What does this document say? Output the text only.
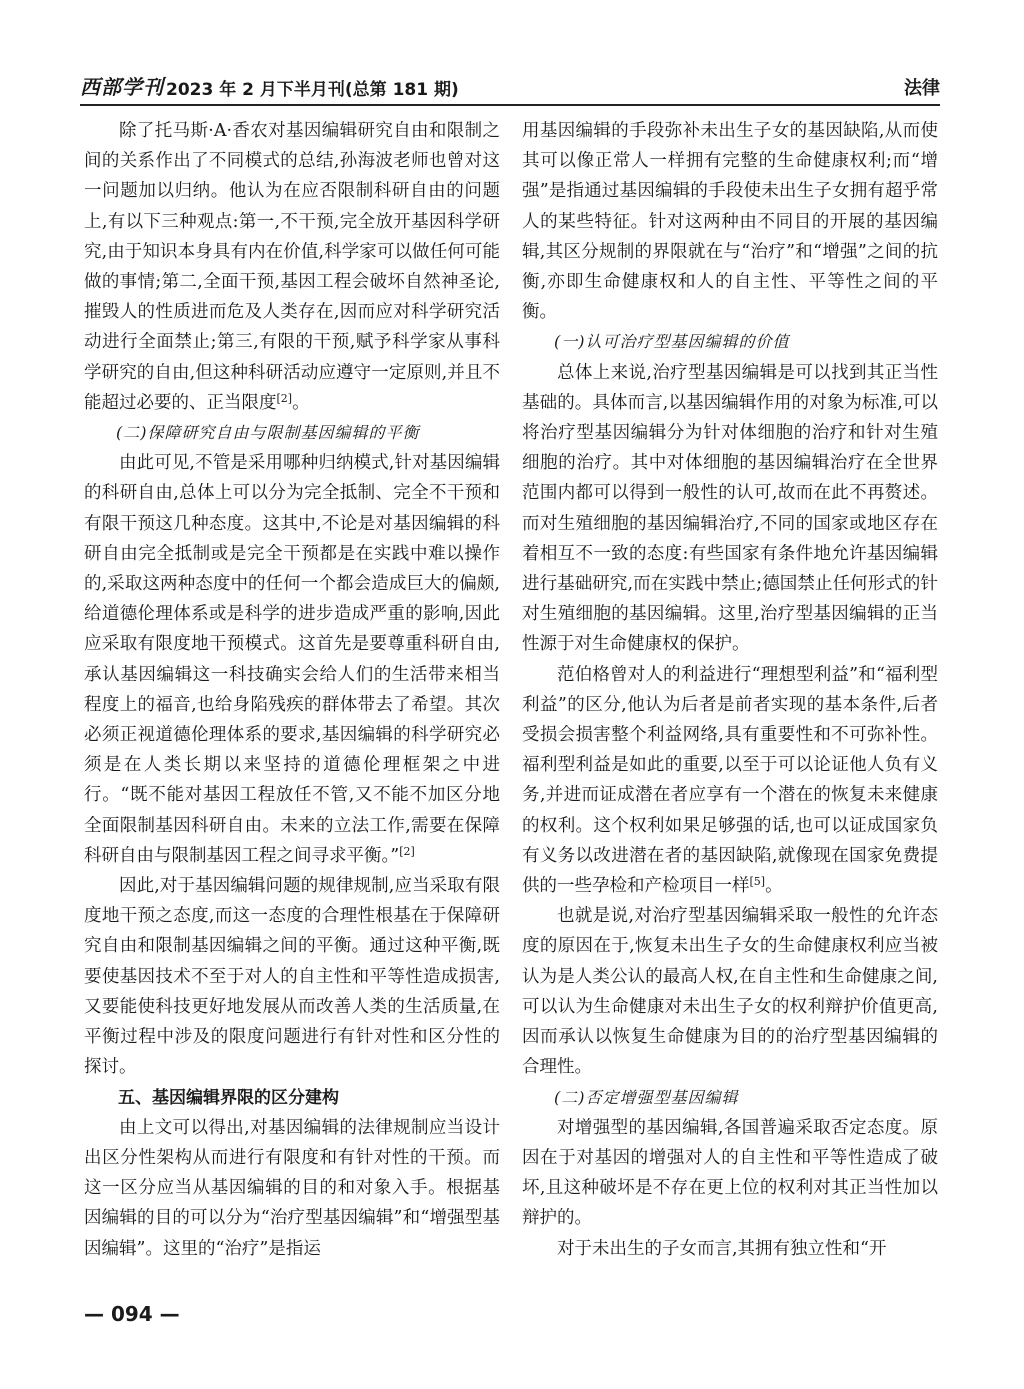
西部学刊 2023 年 2 月下半月刊(总第 181 期)	法律

除了托马斯·A·香农对基因编辑研究自由和限制之间的关系作出了不同模式的总结,孙海波老师也曾对这一问题加以归纳。他认为在应否限制科研自由的问题上,有以下三种观点:第一,不干预,完全放开基因科学研究,由于知识本身具有内在价值,科学家可以做任何可能做的事情;第二,全面干预,基因工程会破坏自然神圣论,摧毁人的性质进而危及人类存在,因而应对科学研究活动进行全面禁止;第三,有限的干预,赋予科学家从事科学研究的自由,但这种科研活动应遵守一定原则,并且不能超过必要的、正当限度[2]。

(二)保障研究自由与限制基因编辑的平衡

由此可见,不管是采用哪种归纳模式,针对基因编辑的科研自由,总体上可以分为完全抵制、完全不干预和有限干预这几种态度。这其中,不论是对基因编辑的科研自由完全抵制或是完全干预都是在实践中难以操作的,采取这两种态度中的任何一个都会造成巨大的偏颇,给道德伦理体系或是科学的进步造成严重的影响,因此应采取有限度地干预模式。这首先是要尊重科研自由,承认基因编辑这一科技确实会给人们的生活带来相当程度上的福音,也给身陷残疾的群体带去了希望。其次必须正视道德伦理体系的要求,基因编辑的科学研究必须是在人类长期以来坚持的道德伦理框架之中进行。“既不能对基因工程放任不管,又不能不加区分地全面限制基因科研自由。未来的立法工作,需要在保障科研自由与限制基因工程之间寻求平衡。”[2]

因此,对于基因编辑问题的规律规制,应当采取有限度地干预之态度,而这一态度的合理性根基在于保障研究自由和限制基因编辑之间的平衡。通过这种平衡,既要使基因技术不至于对人的自主性和平等性造成损害,又要能使科技更好地发展从而改善人类的生活质量,在平衡过程中涉及的限度问题进行有针对性和区分性的探讨。

五、基因编辑界限的区分建构

由上文可以得出,对基因编辑的法律规制应当设计出区分性架构从而进行有限度和有针对性的干预。而这一区分应当从基因编辑的目的和对象入手。根据基因编辑的目的可以分为“治疗型基因编辑”和“增强型基因编辑”。这里的“治疗”是指运

用基因编辑的手段弥补未出生子女的基因缺陷,从而使其可以像正常人一样拥有完整的生命健康权利;而“增强”是指通过基因编辑的手段使未出生子女拥有超乎常人的某些特征。针对这两种由不同目的开展的基因编辑,其区分规制的界限就在与“治疗”和“增强”之间的抗衡,亦即生命健康权和人的自主性、平等性之间的平衡。

(一)认可治疗型基因编辑的价值

总体上来说,治疗型基因编辑是可以找到其正当性基础的。具体而言,以基因编辑作用的对象为标准,可以将治疗型基因编辑分为针对体细胞的治疗和针对生殖细胞的治疗。其中对体细胞的基因编辑治疗在全世界范围内都可以得到一般性的认可,故而在此不再赘述。而对生殖细胞的基因编辑治疗,不同的国家或地区存在着相互不一致的态度:有些国家有条件地允许基因编辑进行基础研究,而在实践中禁止;德国禁止任何形式的针对生殖细胞的基因编辑。这里,治疗型基因编辑的正当性源于对生命健康权的保护。

范伯格曾对人的利益进行“理想型利益”和“福利型利益”的区分,他认为后者是前者实现的基本条件,后者受损会损害整个利益网络,具有重要性和不可弥补性。福利型利益是如此的重要,以至于可以论证他人负有义务,并进而证成潜在者应享有一个潜在的恢复未来健康的权利。这个权利如果足够强的话,也可以证成国家负有义务以改进潜在者的基因缺陷,就像现在国家免费提供的一些孕检和产检项目一样[5]。

也就是说,对治疗型基因编辑采取一般性的允许态度的原因在于,恢复未出生子女的生命健康权利应当被认为是人类公认的最高人权,在自主性和生命健康之间,可以认为生命健康对未出生子女的权利辩护价值更高,因而承认以恢复生命健康为目的的治疗型基因编辑的合理性。

(二)否定增强型基因编辑

对增强型的基因编辑,各国普遍采取否定态度。原因在于对基因的增强对人的自主性和平等性造成了破坏,且这种破坏是不存在更上位的权利对其正当性加以辩护的。

对于未出生的子女而言,其拥有独立性和“开

— 094 —
